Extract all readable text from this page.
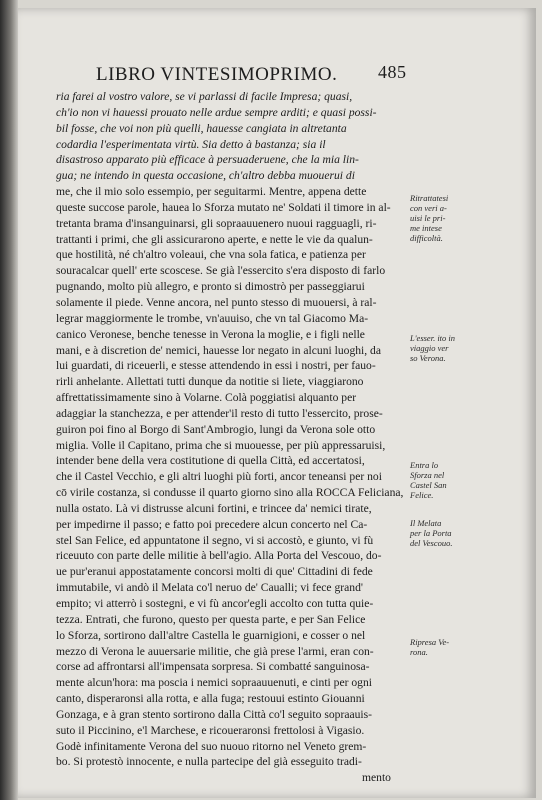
LIBRO VINTESIMOPRIMO. 485
ria farei al vostro valore, se vi parlassi di facile Impresa; quasi,
ch'io non vi hauessi prouato nelle ardue sempre arditi; e quasi possi-
bil fosse, che voi non più quelli, hauesse cangiata in altretanta
codardia l'esperimentata virtù. Sia detto à bastanza; sia il
disastroso apparato più efficace à persuaderuene, che la mia lin-
gua; ne intendo in questa occasione, ch'altro debba muouerui di
me, che il mio solo essempio, per seguitarmi. Mentre, appena dette
queste succose parole, hauea lo Sforza mutato ne' Soldati il timore in al-
tretanta brama d'insanguinarsi, gli sopraauuenero nuoui ragguagli, ri-
trattanti i primi, che gli assicurarono aperte, e nette le vie da qualun-
que hostilità, né ch'altro voleaui, che vna sola fatica, e patienza per
souracalcar quell' erte scoscese. Se già l'essercito s'era disposto di farlo
pugnando, molto più allegro, e pronto si dimostrò per passeggiarui
solamente il piede. Venne ancora, nel punto stesso di muouersi, à ral-
legrar maggiormente le trombe, vn'auuiso, che vn tal Giacomo Ma-
canico Veronese, benche tenesse in Verona la moglie, e i figli nelle
mani, e à discretion de' nemici, hauesse lor negato in alcuni luoghi, da
lui guardati, di riceuerli, e stesse attendendo in essi i nostri, per fauo-
rirli anhelante. Allettati tutti dunque da notitie si liete, viaggiarono
affrettatissimamente sino à Volarne. Colà poggiatisi alquanto per
adaggiar la stanchezza, e per attender'il resto di tutto l'essercito, prose-
guiron poi fino al Borgo di Sant'Ambrogio, lungi da Verona sole otto
miglia. Volle il Capitano, prima che si muouesse, per più appressaruisi,
intender bene della vera costitutione di quella Città, ed accertatosi,
che il Castel Vecchio, e gli altri luoghi più forti, ancor teneansi per noi
cō virile costanza, si condusse il quarto giorno sino alla ROCCA Feliciana,
nulla ostato. Là vi distrusse alcuni fortini, e trincee da' nemici tirate,
per impedirne il passo; e fatto poi precedere alcun concerto nel Ca-
stel San Felice, ed appuntatone il segno, vi si accostò, e giunto, vi fù
riceuuto con parte delle militie à bell'agio. Alla Porta del Vescouo, do-
ue pur'eranui appostatamente concorsi molti di que' Cittadini di fede
immutabile, vi andò il Melata co'l neruo de' Caualli; vi fece grand'
empito; vi atterrò i sostegni, e vi fù ancor'egli accolto con tutta quie-
tezza. Entrati, che furono, questo per questa parte, e per San Felice
lo Sforza, sortirono dall'altre Castella le guarnigioni, e cosser o nel
mezzo di Verona le auuersarie militie, che già prese l'armi, eran con-
corse ad affrontarsi all'impensata sorpresa. Si combatté sanguinosa-
mente alcun'hora: ma poscia i nemici sopraauuenuti, e cinti per ogni
canto, disperaronsi alla rotta, e alla fuga; restouui estinto Giouanni
Gonzaga, e à gran stento sortirono dalla Città co'l seguito sopraauis-
suto il Piccinino, e'l Marchese, e ricoueraronsi frettolosi à Vigasio.
Godè infinitamente Verona del suo nuouo ritorno nel Veneto grem-
bo. Si protestò innocente, e nulla partecipe del già esseguito tradi-
mento
Ritrattatesi
con veri a-
uisi le pri-
me intese
difficoltà.
L'esser. ito in
viaggio ver
so Verona.
Entra lo
Sforza nel
Castel San
Felice.
Il Melata
per la Porta
del Vescouo.
Ripresa Ve-
rona.
